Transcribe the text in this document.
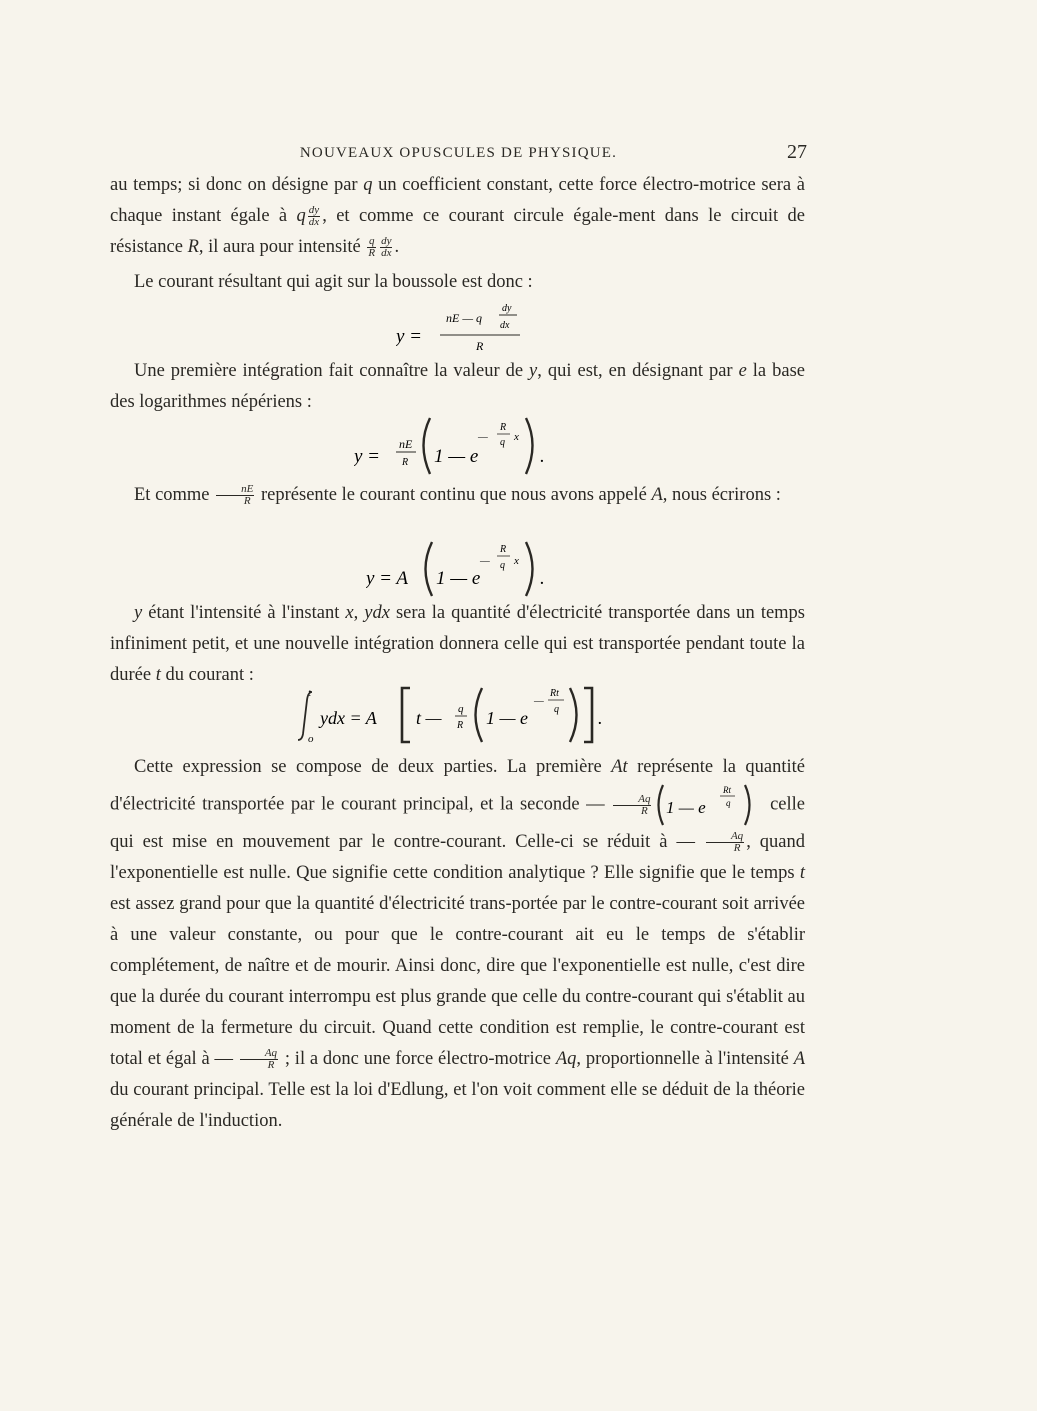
NOUVEAUX OPUSCULES DE PHYSIQUE.	27

au temps; si donc on désigne par q un coefficient constant, cette force électro-motrice sera à chaque instant égale à q $\frac{dy}{dx}$ , et comme ce courant circule égale-ment dans le circuit de résistance R, il aura pour intensité $\frac{q}{R} \frac{dy}{dx}$ .

Le courant résultant qui agit sur la boussole est donc :

y =
nE — q
dy
dx
R

Une première intégration fait connaître la valeur de y, qui est, en désignant par e la base des logarithmes népériens :

y =
nE
R 1 — e
—
R
q x
.

Et comme $\frac{nE}{R}$ représente le courant continu que nous avons appelé A, nous écrirons :

y = A 1 — e
—
R
q x
.

y étant l'intensité à l'instant x, ydx sera la quantité d'électricité transportée dans un temps infiniment petit, et une nouvelle intégration donnera celle qui est transportée pendant toute la durée t du courant :

t
o
ydx = A t — q
R 1 — e
—
Rt
q .

Cette expression se compose de deux parties. La première At représente la quantité d'électricité transportée par le courant principal, et la seconde — $\frac{Aq}{R} 1$ — e
Rt
q celle qui est mise en mouvement par le contre-courant. Celle-ci se réduit à — $\frac{Aq}{R}$ , quand l'exponentielle est nulle. Que signifie cette condition analytique ? Elle signifie que le temps t est assez grand pour que la quantité d'électricité trans-portée par le contre-courant soit arrivée à une valeur constante, ou pour que le contre-courant ait eu le temps de s'établir complétement, de naître et de mourir. Ainsi donc, dire que l'exponentielle est nulle, c'est dire que la durée du courant interrompu est plus grande que celle du contre-courant qui s'établit au moment de la fermeture du circuit. Quand cette condition est remplie, le contre-courant est total et égal à — $\frac{Aq}{R}$ ; il a donc une force électro-motrice Aq, proportionnelle à l'intensité A du courant principal. Telle est la loi d'Edlung, et l'on voit comment elle se déduit de la théorie générale de l'induction.
